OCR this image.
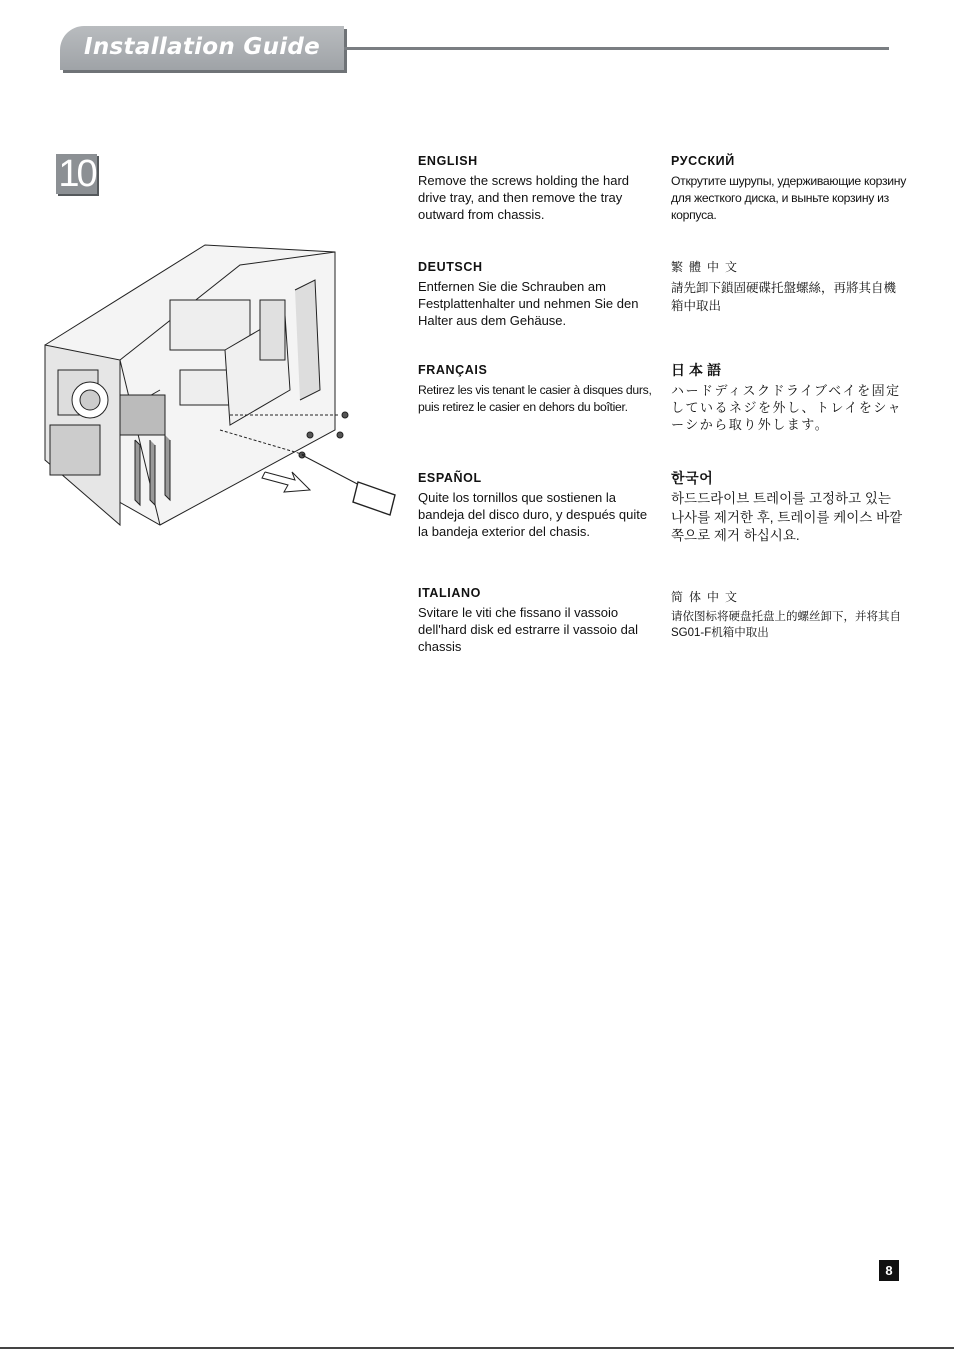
Installation Guide
10	ENGLISH

Remove the screws holding the hard drive tray, and then remove the tray outward from chassis.

DEUTSCH

Entfernen Sie die Schrauben am Festplattenhalter und nehmen Sie den Halter aus dem Gehäuse.

FRANÇAIS

Retirez les vis tenant le casier à disques durs, puis retirez le casier en dehors du boîtier.

ESPAÑOL

Quite los tornillos que sostienen la bandeja del disco duro, y después quite la bandeja exterior del chasis.

ITALIANO

Svitare le viti che fissano il vassoio dell'hard disk ed estrarre il vassoio dal chassis

РУССКИЙ

Открутите шурупы, удерживающие корзину для жесткого диска, и выньте корзину из корпуса.

繁體中文

請先卸下鎖固硬碟托盤螺絲，再將其自機箱中取出

日本語

ハードディスクドライブベイを固定しているネジを外し、トレイをシャーシから取り外します。

한국어

하드드라이브 트레이를 고정하고 있는 나사를 제거한 후, 트레이를 케이스 바깥쪽으로 제거 하십시요.

简体中文

请依图标将硬盘托盘上的螺丝卸下，并将其自SG01-F机箱中取出

8
